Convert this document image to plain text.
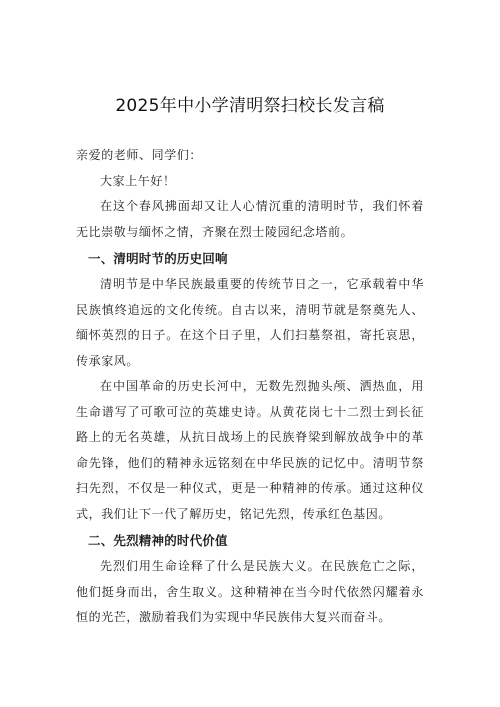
2025年中小学清明祭扫校长发言稿

亲爱的老师、同学们：

大家上午好！

在这个春风拂面却又让人心情沉重的清明时节，我们怀着无比崇敬与缅怀之情，齐聚在烈士陵园纪念塔前。

一、清明时节的历史回响

清明节是中华民族最重要的传统节日之一，它承载着中华民族慎终追远的文化传统。自古以来，清明节就是祭奠先人、缅怀英烈的日子。在这个日子里，人们扫墓祭祖，寄托哀思，传承家风。

在中国革命的历史长河中，无数先烈抛头颅、洒热血，用生命谱写了可歌可泣的英雄史诗。从黄花岗七十二烈士到长征路上的无名英雄，从抗日战场上的民族脊梁到解放战争中的革命先锋，他们的精神永远铭刻在中华民族的记忆中。清明节祭扫先烈，不仅是一种仪式，更是一种精神的传承。通过这种仪式，我们让下一代了解历史，铭记先烈，传承红色基因。

二、先烈精神的时代价值

先烈们用生命诠释了什么是民族大义。在民族危亡之际，他们挺身而出，舍生取义。这种精神在当今时代依然闪耀着永恒的光芒，激励着我们为实现中华民族伟大复兴而奋斗。
